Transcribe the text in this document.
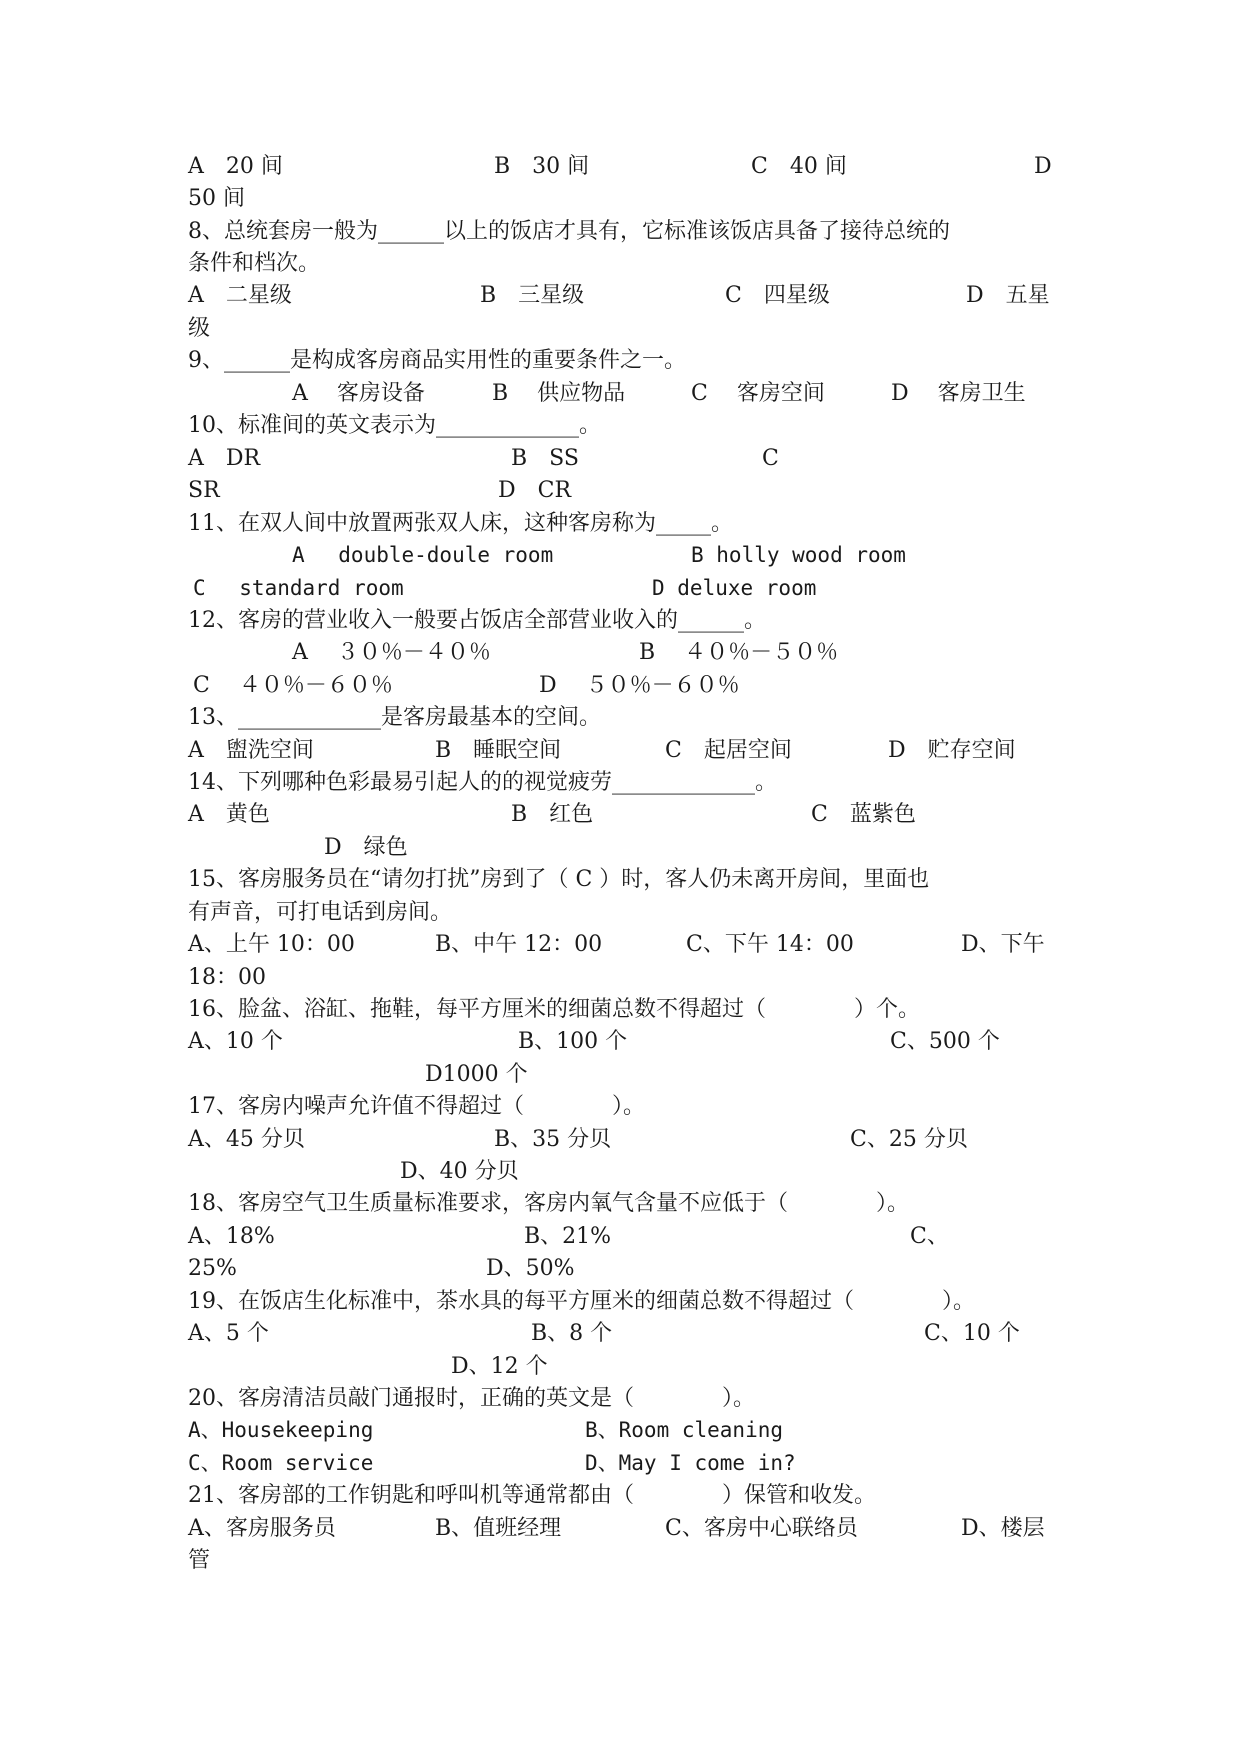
A　20 间	B　30 间	C　40 间	D
50 间
8、总统套房一般为______以上的饭店才具有，它标准该饭店具备了接待总统的
条件和档次。
A　二星级	B　三星级	C　四星级	D　五星
级
9、______是构成客房商品实用性的重要条件之一。
A　 客房设备	B　 供应物品	C　 客房空间	D　 客房卫生
10、标准间的英文表示为_____________。
A　DR	B　SS	C
SR	D　CR
11、在双人间中放置两张双人床，这种客房称为_____。
A　 double-doule room	B holly wood room
C　 standard room	D deluxe room
12、客房的营业收入一般要占饭店全部营业收入的______。
A　 ３０％－４０％	B　 ４０％－５０％
C　 ４０％－６０％	D　 ５０％－６０％
13、_____________是客房最基本的空间。
A　盥洗空间	B　睡眠空间	C　起居空间	D　贮存空间
14、下列哪种色彩最易引起人的的视觉疲劳_____________。
A　黄色	B　红色	C　蓝紫色
D　绿色
15、客房服务员在“请勿打扰”房到了（ C ）时，客人仍未离开房间，里面也
有声音，可打电话到房间。
A、上午 10：00	B、中午 12：00	C、下午 14：00	D、下午
18：00
16、脸盆、浴缸、拖鞋，每平方厘米的细菌总数不得超过（　　　　）个。
A、10 个	B、100 个	C、500 个
D1000 个
17、客房内噪声允许值不得超过（　　　　）。
A、45 分贝	B、35 分贝	C、25 分贝
D、40 分贝
18、客房空气卫生质量标准要求，客房内氧气含量不应低于（　　　　）。
A、18%	B、21%	C、
25%	D、50%
19、在饭店生化标准中，茶水具的每平方厘米的细菌总数不得超过（　　　　）。
A、5 个	B、8 个	C、10 个
D、12 个
20、客房清洁员敲门通报时，正确的英文是（　　　　）。
A、Housekeeping	B、Room cleaning
C、Room service	D、May I come in?
21、客房部的工作钥匙和呼叫机等通常都由（　　　　）保管和收发。
A、客房服务员	B、值班经理	C、客房中心联络员	D、楼层
管
